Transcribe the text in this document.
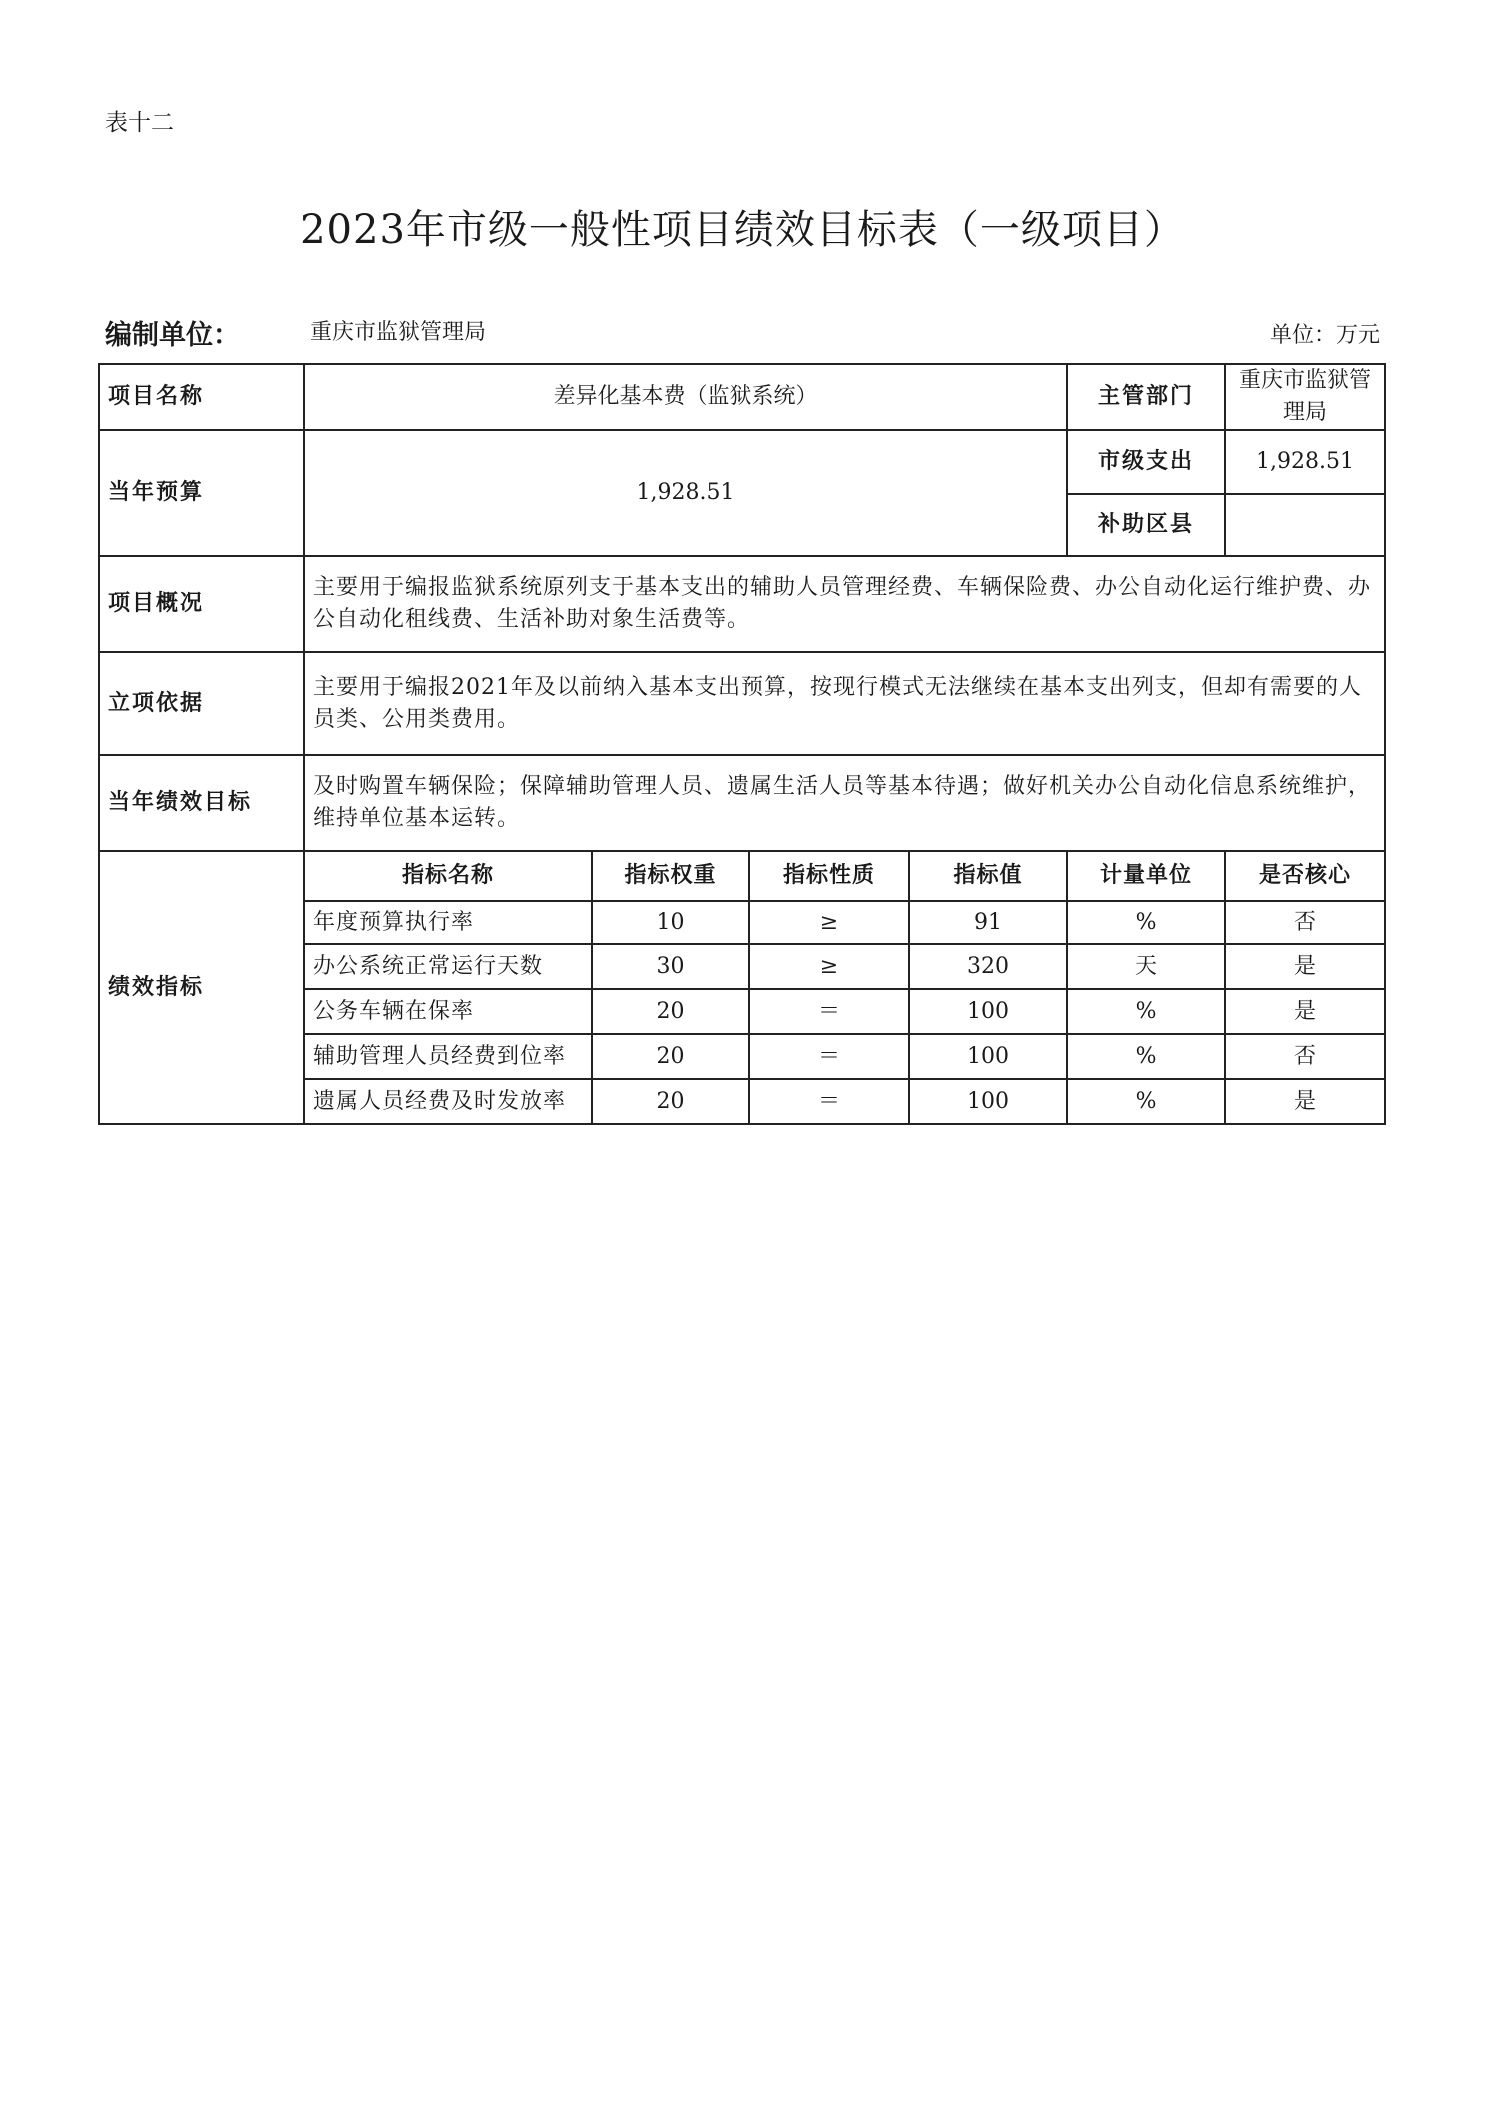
表十二
2023年市级一般性项目绩效目标表（一级项目）
编制单位：	重庆市监狱管理局	单位：万元
项目名称	差异化基本费（监狱系统）				主管部门	重庆市监狱管理局
当年预算	1,928.51				市级支出	1,928.51
					补助区县	
项目概况	主要用于编报监狱系统原列支于基本支出的辅助人员管理经费、车辆保险费、办公自动化运行维护费、办公自动化租线费、生活补助对象生活费等。					
立项依据	主要用于编报2021年及以前纳入基本支出预算，按现行模式无法继续在基本支出列支，但却有需要的人员类、公用类费用。					
当年绩效目标	及时购置车辆保险；保障辅助管理人员、遗属生活人员等基本待遇；做好机关办公自动化信息系统维护，维持单位基本运转。					
绩效指标	指标名称	指标权重	指标性质	指标值	计量单位	是否核心
	年度预算执行率	10	≥	91	%	否
	办公系统正常运行天数	30	≥	320	天	是
	公务车辆在保率	20	＝	100	%	是
	辅助管理人员经费到位率	20	＝	100	%	否
	遗属人员经费及时发放率	20	＝	100	%	是
